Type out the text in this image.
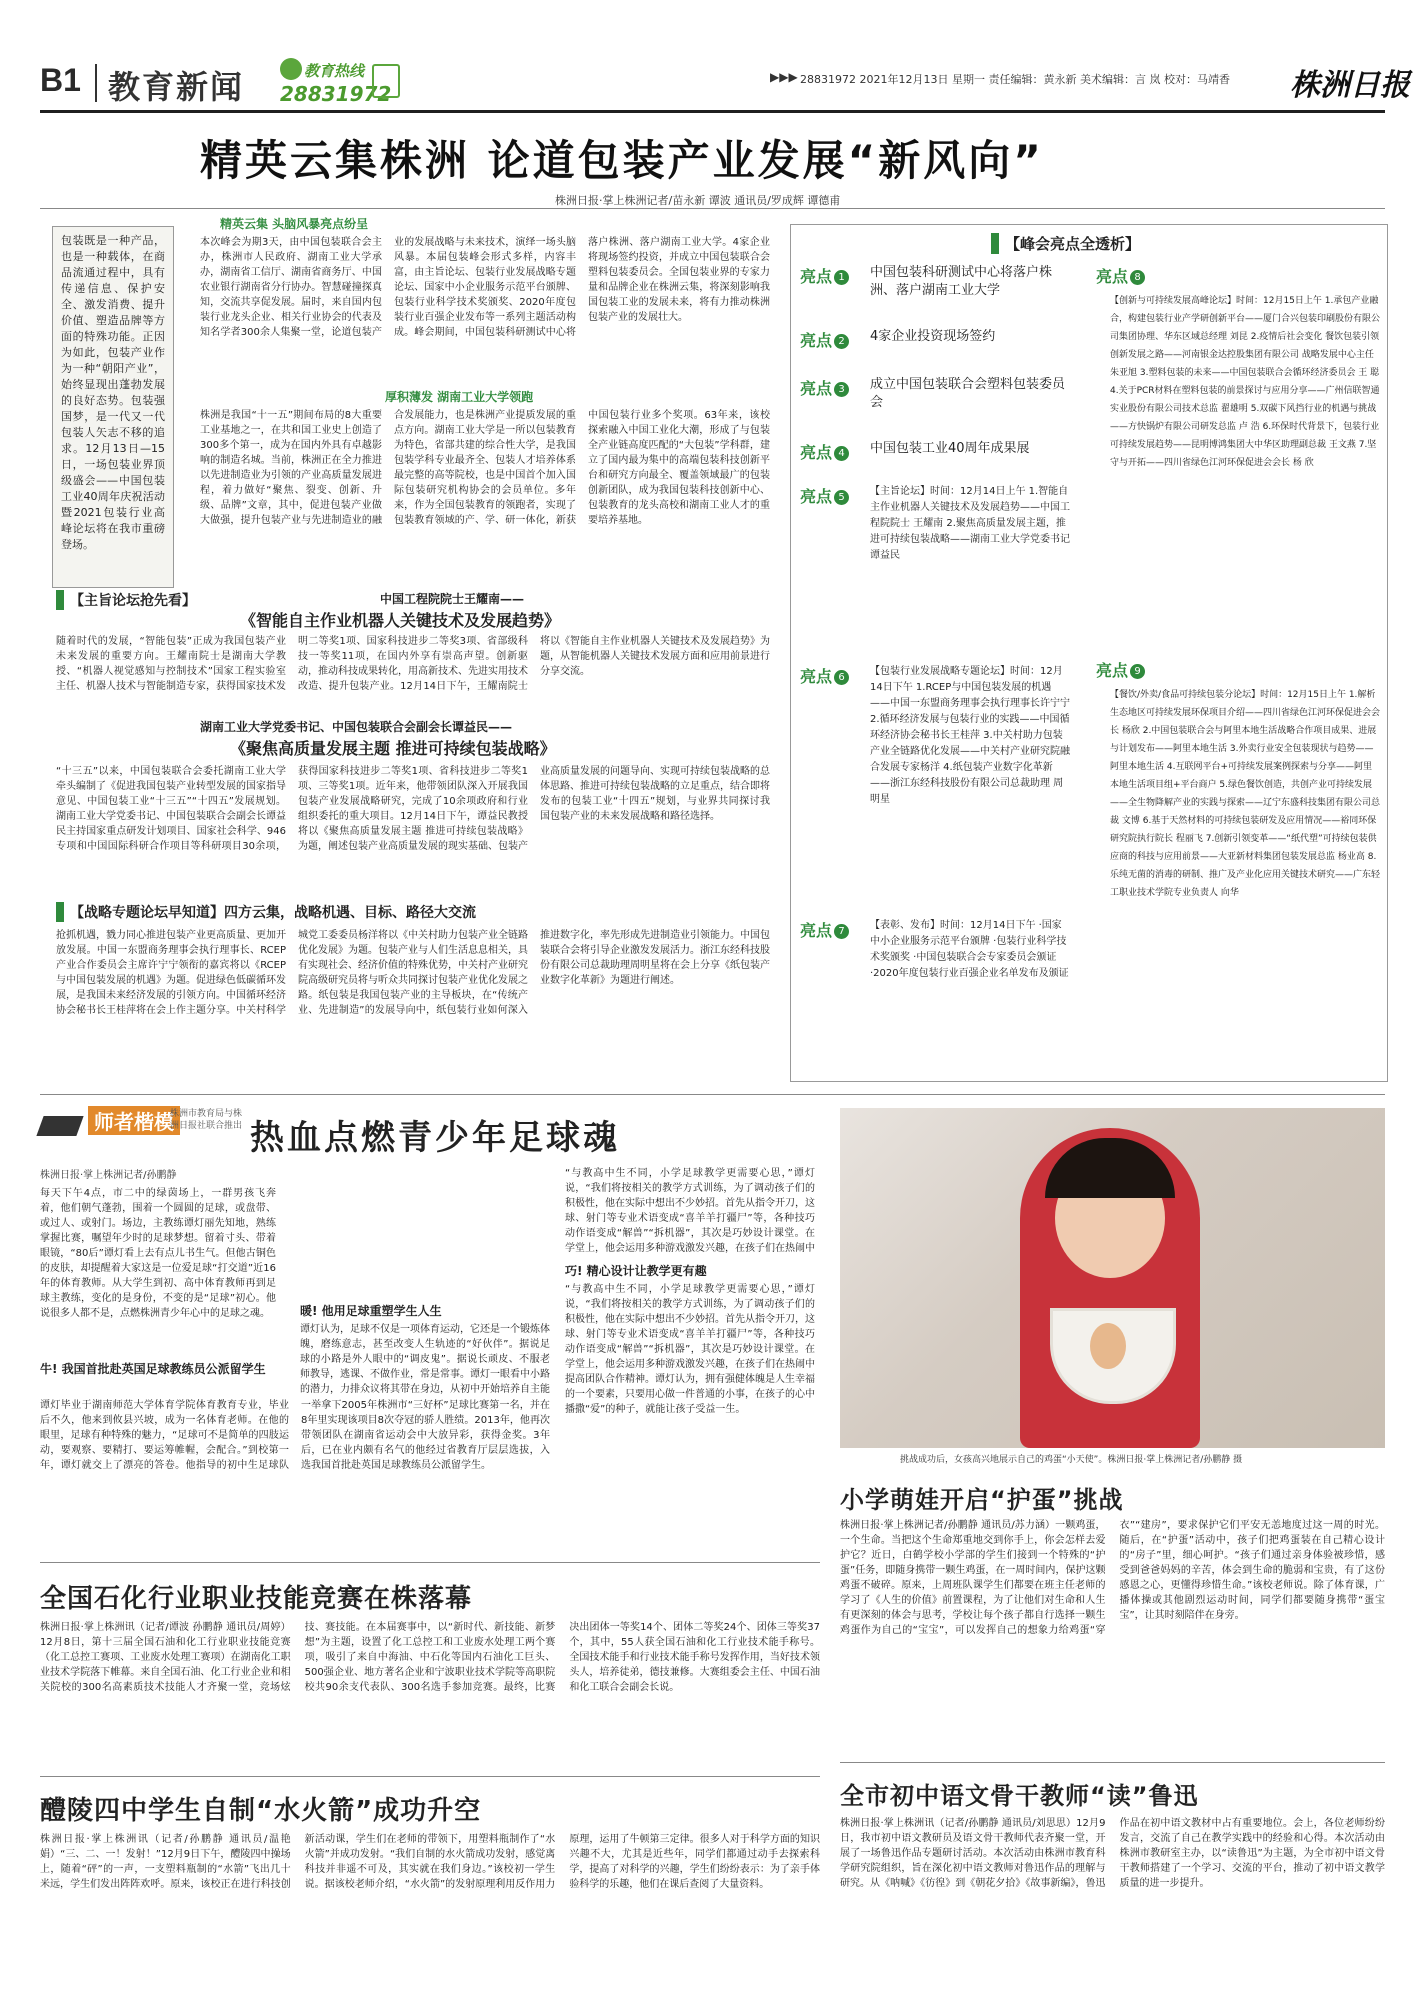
B1 教育新闻	教育热线
28831972
▶▶▶ 28831972 2021年12月13日 星期一 责任编辑：黄永新 美术编辑：言 岚 校对：马靖香 株洲日报
精英云集株洲 论道包装产业发展“新风向”
株洲日报·掌上株洲记者/苗永新 谭波 通讯员/罗成辉 谭德甫
包装既是一种产品，也是一种载体，在商品流通过程中，具有传递信息、保护安全、激发消费、提升价值、塑造品牌等方面的特殊功能。正因为如此，包装产业作为一种“朝阳产业”，始终显现出蓬勃发展的良好态势。包装强国梦，是一代又一代包装人矢志不移的追求。12月13日—15日，一场包装业界顶级盛会——中国包装工业40周年庆祝活动暨2021包装行业高峰论坛将在我市重磅登场。
精英云集 头脑风暴亮点纷呈
本次峰会为期3天，由中国包装联合会主办，株洲市人民政府、湖南工业大学承办，湖南省工信厅、湖南省商务厅、中国农业银行湖南省分行协办。智慧碰撞探真知，交流共享促发展。届时，来自国内包装行业龙头企业、相关行业协会的代表及知名学者300余人集聚一堂，论道包装产业的发展战略与未来技术，演绎一场头脑风暴。本届包装峰会形式多样，内容丰富，由主旨论坛、包装行业发展战略专题论坛、国家中小企业服务示范平台颁牌、包装行业科学技术奖颁奖、2020年度包装行业百强企业发布等一系列主题活动构成。峰会期间，中国包装科研测试中心将落户株洲、落户湖南工业大学。4家企业将现场签约投资，并成立中国包装联合会塑料包装委员会。全国包装业界的专家力量和品牌企业在株洲云集，将深刻影响我国包装工业的发展未来，将有力推动株洲包装产业的发展壮大。
厚积薄发 湖南工业大学领跑
株洲是我国“十一五”期间布局的8大重要工业基地之一，在共和国工业史上创造了300多个第一，成为在国内外具有卓越影响的制造名城。当前，株洲正在全力推进以先进制造业为引领的产业高质量发展进程，着力做好“聚焦、裂变、创新、升级、品牌”文章，其中，促进包装产业做大做强，提升包装产业与先进制造业的融合发展能力，也是株洲产业提质发展的重点方向。湖南工业大学是一所以包装教育为特色，省部共建的综合性大学，是我国包装学科专业最齐全、包装人才培养体系最完整的高等院校，也是中国首个加入国际包装研究机构协会的会员单位。多年来，作为全国包装教育的领跑者，实现了包装教育领域的产、学、研一体化，新获中国包装行业多个奖项。63年来，该校探索融入中国工业化大潮，形成了与包装全产业链高度匹配的“大包装”学科群，建立了国内最为集中的高端包装科技创新平台和研究方向最全、覆盖领域最广的包装创新团队，成为我国包装科技创新中心、包装教育的龙头高校和湖南工业人才的重要培养基地。
【主旨论坛抢先看】	中国工程院院士王耀南——
《智能自主作业机器人关键技术及发展趋势》
随着时代的发展，“智能包装”正成为我国包装产业未来发展的重要方向。王耀南院士是湖南大学教授、“机器人视觉感知与控制技术”国家工程实验室主任、机器人技术与智能制造专家，获得国家技术发明二等奖1项、国家科技进步二等奖3项、省部级科技一等奖11项，在国内外享有崇高声望。创新驱动，推动科技成果转化，用高新技术、先进实用技术改造、提升包装产业。12月14日下午，王耀南院士将以《智能自主作业机器人关键技术及发展趋势》为题，从智能机器人关键技术发展方面和应用前景进行分享交流。
湖南工业大学党委书记、中国包装联合会副会长谭益民——
《聚焦高质量发展主题 推进可持续包装战略》
“十三五”以来，中国包装联合会委托湖南工业大学牵头编制了《促进我国包装产业转型发展的国家指导意见、中国包装工业“十三五”“十四五”发展规划。湖南工业大学党委书记、中国包装联合会副会长谭益民主持国家重点研发计划项目、国家社会科学、946专项和中国国际科研合作项目等科研项目30余项，获得国家科技进步二等奖1项、省科技进步二等奖1项、三等奖1项。近年来，他带领团队深入开展我国包装产业发展战略研究，完成了10余项政府和行业组织委托的重大项目。12月14日下午，谭益民教授将以《聚焦高质量发展主题 推进可持续包装战略》为题，阐述包装产业高质量发展的现实基础、包装产业高质量发展的问题导向、实现可持续包装战略的总体思路、推进可持续包装战略的立足重点，结合即将发布的包装工业“十四五”规划，与业界共同探讨我国包装产业的未来发展战略和路径选择。
【战略专题论坛早知道】四方云集，战略机遇、目标、路径大交流
抢抓机遇，戮力同心推进包装产业更高质量、更加开放发展。中国一东盟商务理事会执行理事长、RCEP产业合作委员会主席许宁宁领衔的嘉宾将以《RCEP与中国包装发展的机遇》为题。促进绿色低碳循环发展，是我国未来经济发展的引领方向。中国循环经济协会秘书长王桂萍将在会上作主题分享。中关村科学城党工委委员杨洋将以《中关村助力包装产业全链路优化发展》为题。包装产业与人们生活息息相关，具有实现社会、经济价值的特殊优势，中关村产业研究院高级研究员将与听众共同探讨包装产业优化发展之路。纸包装是我国包装产业的主导板块，在“传统产业、先进制造”的发展导向中，纸包装行业如何深入推进数字化，率先形成先进制造业引领能力。中国包装联合会将引导企业激发发展活力。浙江东经科技股份有限公司总裁助理周明星将在会上分享《纸包装产业数字化革新》为题进行阐述。
【峰会亮点全透析】
亮点 1 中国包装科研测试中心将落户株洲、落户湖南工业大学
亮点 2 4家企业投资现场签约
亮点 3 成立中国包装联合会塑料包装委员会
亮点 4 中国包装工业40周年成果展
亮点 5
【主旨论坛】时间：12月14日上午 1.智能自主作业机器人关键技术及发展趋势——中国工程院院士 王耀南 2.聚焦高质量发展主题，推进可持续包装战略——湖南工业大学党委书记 谭益民
亮点 6
【包装行业发展战略专题论坛】时间：12月14日下午 1.RCEP与中国包装发展的机遇——中国一东盟商务理事会执行理事长许宁宁 2.循环经济发展与包装行业的实践——中国循环经济协会秘书长王桂萍 3.中关村助力包装产业全链路优化发展——中关村产业研究院融合发展专家杨洋 4.纸包装产业数字化革新——浙江东经科技股份有限公司总裁助理 周明星
亮点 7
【表彰、发布】时间：12月14日下午 ·国家中小企业服务示范平台颁牌 ·包装行业科学技术奖颁奖 ·中国包装联合会专家委员会颁证 ·2020年度包装行业百强企业名单发布及颁证
亮点 8
【创新与可持续发展高峰论坛】时间：12月15日上午 1.承包产业融合，构建包装行业产学研创新平台——厦门合兴包装印刷股份有限公司集团协理、华东区域总经理 刘昆 2.疫情后社会变化 餐饮包装引领创新发展之路——河南银金达控股集团有限公司 战略发展中心主任 朱亚旭 3.塑料包装的未来——中国包装联合会循环经济委员会 王 聪 4.关于PCR材料在塑料包装的前景探讨与应用分享——广州信联智通实业股份有限公司技术总监 翟雄明 5.双碳下风挡行业的机遇与挑战——方快锅炉有限公司研发总监 卢 浩 6.环保时代背景下，包装行业可持续发展趋势——昆明博鸿集团大中华区助理副总裁 王文燕 7.坚守与开拓——四川省绿色江河环保促进会会长 杨 欣
亮点 9
【餐饮/外卖/食品可持续包装分论坛】时间：12月15日上午 1.解析生态地区可持续发展环保项目介绍——四川省绿色江河环保促进会会长 杨欣 2.中国包装联合会与阿里本地生活战略合作项目成果、进展与计划发布——阿里本地生活 3.外卖行业安全包装现状与趋势——阿里本地生活 4.互联网平台+可持续发展案例探索与分享——阿里本地生活项目组+平台商户 5.绿色餐饮创造，共创产业可持续发展——全生物降解产业的实践与探索——辽宁东盛科技集团有限公司总裁 文博 6.基于天然材料的可持续包装研发及应用情况——裕同环保研究院执行院长 程丽飞 7.创新引领变革——“纸代塑”可持续包装供应商的科技与应用前景——大亚新材料集团包装发展总监 杨业高 8.乐纯无菌的消毒的研制、推广及产业化应用关键技术研究——广东轻工职业技术学院专业负责人 向华
师者楷模
株洲市教育局与株洲日报社联合推出 热血点燃青少年足球魂
株洲日报·掌上株洲记者/孙鹏静
每天下午4点，市二中的绿茵场上，一群男孩飞奔着，他们朝气蓬勃，围着一个圆圆的足球，或盘带、或过人、或射门。场边，主教练谭灯丽先知地，熟练掌握比赛，嘱望年少时的足球梦想。留着寸头、带着眼镜，“80后”谭灯看上去有点儿书生气。但他古铜色的皮肤，却提醒着大家这是一位爱足球“打交道”近16年的体育教师。从大学生到初、高中体育教师再到足球主教练，变化的是身份，不变的是“足球”初心。他说很多人都不是，点燃株洲青少年心中的足球之魂。
牛! 我国首批赴英国足球教练员公派留学生
谭灯毕业于湖南师范大学体育学院体育教育专业，毕业后不久，他来到攸县兴坡，成为一名体育老师。在他的眼里，足球有种特殊的魅力，“足球可不是简单的四肢运动，要观察、要精打、要运筹帷幄，会配合。”到校第一年，谭灯就交上了漂亮的答卷。他指导的初中生足球队一举拿下2005年株洲市“三好杯”足球比赛第一名，并在8年里实现该项目8次夺冠的骄人胜绩。2013年，他再次带领团队在湖南省运动会中大放异彩，获得金奖。3年后，已在业内颇有名气的他经过省教育厅层层选拔，入选我国首批赴英国足球教练员公派留学生。
暖! 他用足球重塑学生人生
谭灯认为，足球不仅是一项体育运动，它还是一个锻炼体魄，磨练意志，甚至改变人生轨迹的“好伙伴”。据说足球的小路是外人眼中的“调皮鬼”。据说长顽皮、不服老师教导，逃课、不做作业，常是常事。谭灯一眼看中小路的潜力，力排众议将其带在身边，从初中开始培养自主能
巧! 精心设计让教学更有趣
“与教高中生不同，小学足球教学更需要心思，”谭灯说，“我们将按相关的教学方式训练，为了调动孩子们的积极性，他在实际中想出不少妙招。首先从指令开刀，这球、射门等专业术语变成“喜羊羊打疆尸”等，各种技巧动作语变成“解兽”“拆机器”，其次是巧妙设计课堂。在学堂上，他会运用多种游戏激发兴趣，在孩子们在热闹中
“与教高中生不同，小学足球教学更需要心思，”谭灯说，“我们将按相关的教学方式训练，为了调动孩子们的积极性，他在实际中想出不少妙招。首先从指令开刀，这球、射门等专业术语变成“喜羊羊打疆尸”等，各种技巧动作语变成“解兽”“拆机器”，其次是巧妙设计课堂。在学堂上，他会运用多种游戏激发兴趣，在孩子们在热闹中提高团队合作精神。谭灯认为，拥有强健体魄是人生幸福的一个要素，只要用心做一件普通的小事，在孩子的心中播撒“爱”的种子，就能让孩子受益一生。
挑战成功后，女孩高兴地展示自己的鸡蛋“小天使”。株洲日报·掌上株洲记者/孙鹏静 摄
小学萌娃开启“护蛋”挑战
株洲日报·掌上株洲记者/孙鹏静 通讯员/苏力涵）一颗鸡蛋，一个生命。当把这个生命郑重地交到你手上，你会怎样去爱护它？近日，白鹤学校小学部的学生们接到一个特殊的“护蛋”任务，即随身携带一颗生鸡蛋，在一周时间内，保护这颗鸡蛋不破碎。原来，上周班队课学生们都要在班主任老师的学习了《人生的价值》前置课程，为了让他们对生命和人生有更深刻的体会与思考，学校让每个孩子都自行选择一颗生鸡蛋作为自己的“宝宝”，可以发挥自己的想象力给鸡蛋“穿衣”“建房”，要求保护它们平安无恙地度过这一周的时光。随后，在“护蛋”活动中，孩子们把鸡蛋装在自己精心设计的“房子”里，细心呵护。“孩子们通过亲身体验被珍惜，感受到爸爸妈妈的辛苦，体会到生命的脆弱和宝贵，有了这份感恩之心，更懂得珍惜生命。”该校老师说。除了体育课，广播体操或其他剧烈运动时间，同学们都要随身携带“蛋宝宝”，让其时刻陪伴在身旁。
全国石化行业职业技能竞赛在株落幕
株洲日报·掌上株洲讯（记者/谭波 孙鹏静 通讯员/周婷）12月8日，第十三届全国石油和化工行业职业技能竞赛（化工总控工赛项、工业废水处理工赛项）在湖南化工职业技术学院落下帷幕。来自全国石油、化工行业企业和相关院校的300名高素质技术技能人才齐聚一堂，竞场炫技、赛技能。在本届赛事中，以“新时代、新技能、新梦想”为主题，设置了化工总控工和工业废水处理工两个赛项，吸引了来自中海油、中石化等国内石油化工巨头、500强企业、地方著名企业和宁波职业技术学院等高职院校共90余支代表队、300名选手参加竞赛。最终，比赛决出团体一等奖14个、团体二等奖24个、团体三等奖37个，其中，55人获全国石油和化工行业技术能手称号。全国技术能手和行业技术能手称号发挥作用，当好技术领头人，培养徒弟，德技兼修。大赛组委会主任、中国石油和化工联合会副会长说。
醴陵四中学生自制“水火箭”成功升空
株洲日报·掌上株洲讯（记者/孙鹏静 通讯员/温艳娟）“三、二、一！发射！”12月9日下午，醴陵四中操场上，随着“砰”的一声，一支塑料瓶制的“水箭”飞出几十米远，学生们发出阵阵欢呼。原来，该校正在进行科技创新活动课，学生们在老师的带领下，用塑料瓶制作了“水火箭”并成功发射。“我们自制的水火箭成功发射，感觉离科技并非遥不可及，其实就在我们身边。”该校初一学生说。据该校老师介绍，“水火箭”的发射原理利用反作用力原理，运用了牛顿第三定律。很多人对于科学方面的知识兴趣不大，尤其是近些年，同学们都通过动手去探索科学，提高了对科学的兴趣，学生们纷纷表示：为了亲手体验科学的乐趣，他们在课后查阅了大量资料。
全市初中语文骨干教师“读”鲁迅
株洲日报·掌上株洲讯（记者/孙鹏静 通讯员/刘思思）12月9日，我市初中语文教研员及语文骨干教师代表齐聚一堂，开展了一场鲁迅作品专题研讨活动。本次活动由株洲市教育科学研究院组织，旨在深化初中语文教师对鲁迅作品的理解与研究。从《呐喊》《彷徨》到《朝花夕拾》《故事新编》，鲁迅作品在初中语文教材中占有重要地位。会上，各位老师纷纷发言，交流了自己在教学实践中的经验和心得。本次活动由株洲市教研室主办，以“读鲁迅”为主题，为全市初中语文骨干教师搭建了一个学习、交流的平台，推动了初中语文教学质量的进一步提升。
